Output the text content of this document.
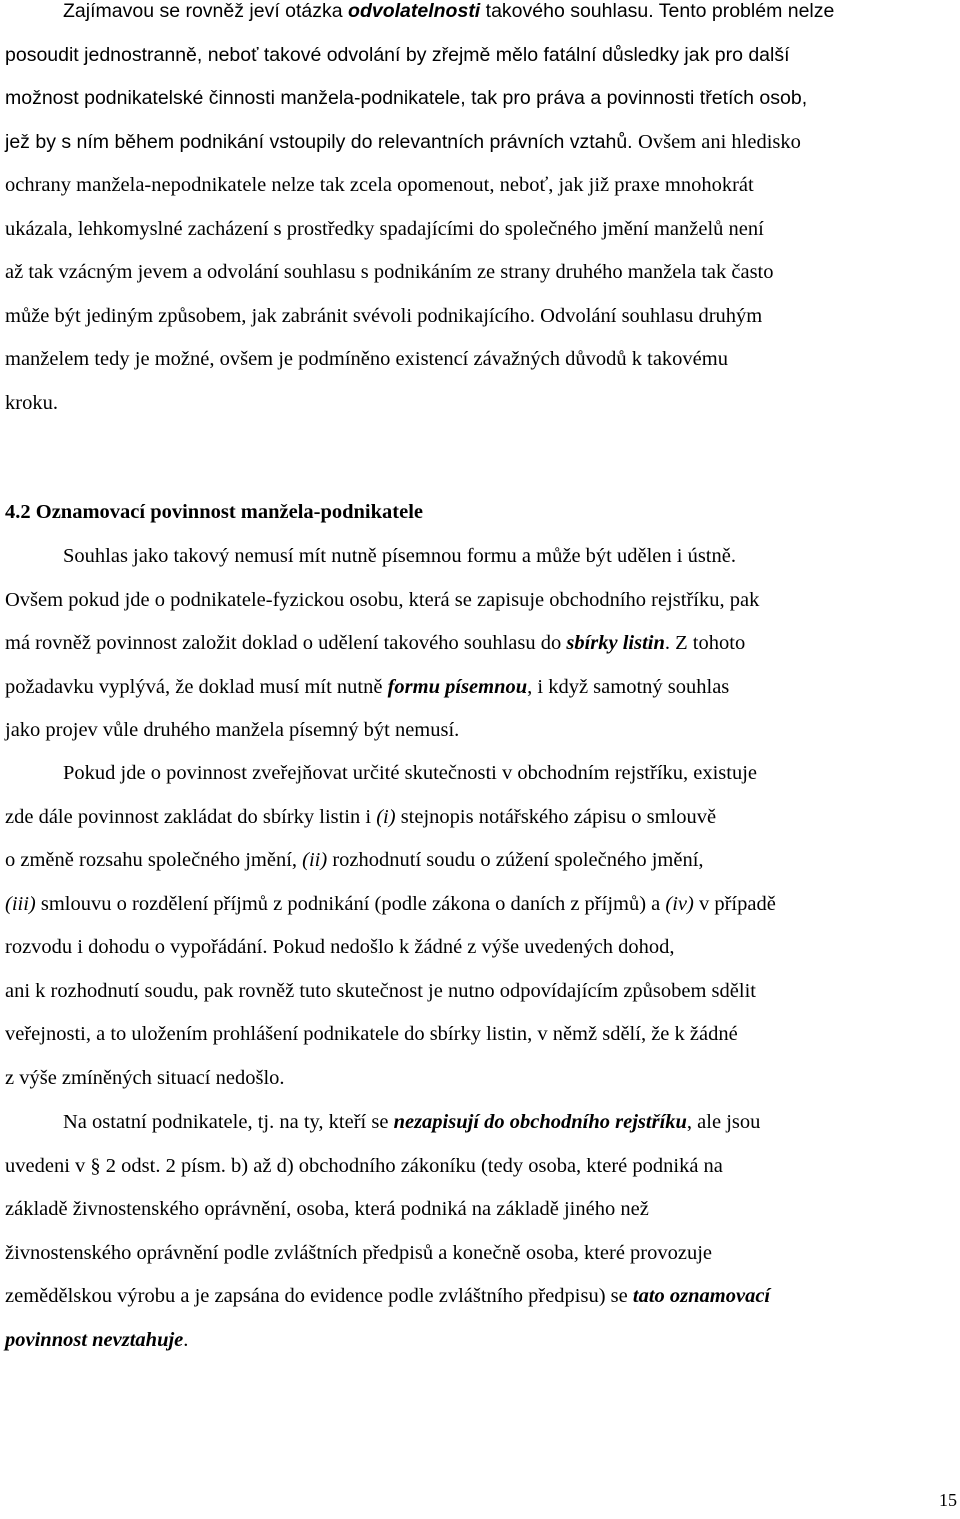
Zajímavou se rovněž jeví otázka odvolatelnosti takového souhlasu. Tento problém nelze
posoudit jednostranně, neboť takové odvolání by zřejmě mělo fatální důsledky jak pro další
možnost podnikatelské činnosti manžela-podnikatele, tak pro práva a povinnosti třetích osob,
jež by s ním během podnikání vstoupily do relevantních právních vztahů. Ovšem ani hledisko
ochrany manžela-nepodnikatele nelze tak zcela opomenout, neboť, jak již praxe mnohokrát
ukázala, lehkomyslné zacházení s prostředky spadajícími do společného jmění manželů není
až tak vzácným jevem a odvolání souhlasu s podnikáním ze strany druhého manžela tak často
může být jediným způsobem, jak zabránit svévoli podnikajícího. Odvolání souhlasu druhým
manželem tedy je možné, ovšem je podmíněno existencí závažných důvodů k takovému
kroku.
4.2 Oznamovací povinnost manžela-podnikatele
Souhlas jako takový nemusí mít nutně písemnou formu a může být udělen i ústně.
Ovšem pokud jde o podnikatele-fyzickou osobu, která se zapisuje obchodního rejstříku, pak
má rovněž povinnost založit doklad o udělení takového souhlasu do sbírky listin. Z tohoto
požadavku vyplývá, že doklad musí mít nutně formu písemnou, i když samotný souhlas
jako projev vůle druhého manžela písemný být nemusí.
Pokud jde o povinnost zveřejňovat určité skutečnosti v obchodním rejstříku, existuje
zde dále povinnost zakládat do sbírky listin i (i) stejnopis notářského zápisu o smlouvě
o změně rozsahu společného jmění, (ii) rozhodnutí soudu o zúžení společného jmění,
(iii) smlouvu o rozdělení příjmů z podnikání (podle zákona o daních z příjmů) a (iv) v případě
rozvodu i dohodu o vypořádání. Pokud nedošlo k žádné z výše uvedených dohod,
ani k rozhodnutí soudu, pak rovněž tuto skutečnost je nutno odpovídajícím způsobem sdělit
veřejnosti, a to uložením prohlášení podnikatele do sbírky listin, v němž sdělí, že k žádné
z výše zmíněných situací nedošlo.
Na ostatní podnikatele, tj. na ty, kteří se nezapisují do obchodního rejstříku, ale jsou
uvedeni v § 2 odst. 2 písm. b) až d) obchodního zákoníku (tedy osoba, které podniká na
základě živnostenského oprávnění, osoba, která podniká na základě jiného než
živnostenského oprávnění podle zvláštních předpisů a konečně osoba, které provozuje
zemědělskou výrobu a je zapsána do evidence podle zvláštního předpisu) se tato oznamovací
povinnost nevztahuje.
15
